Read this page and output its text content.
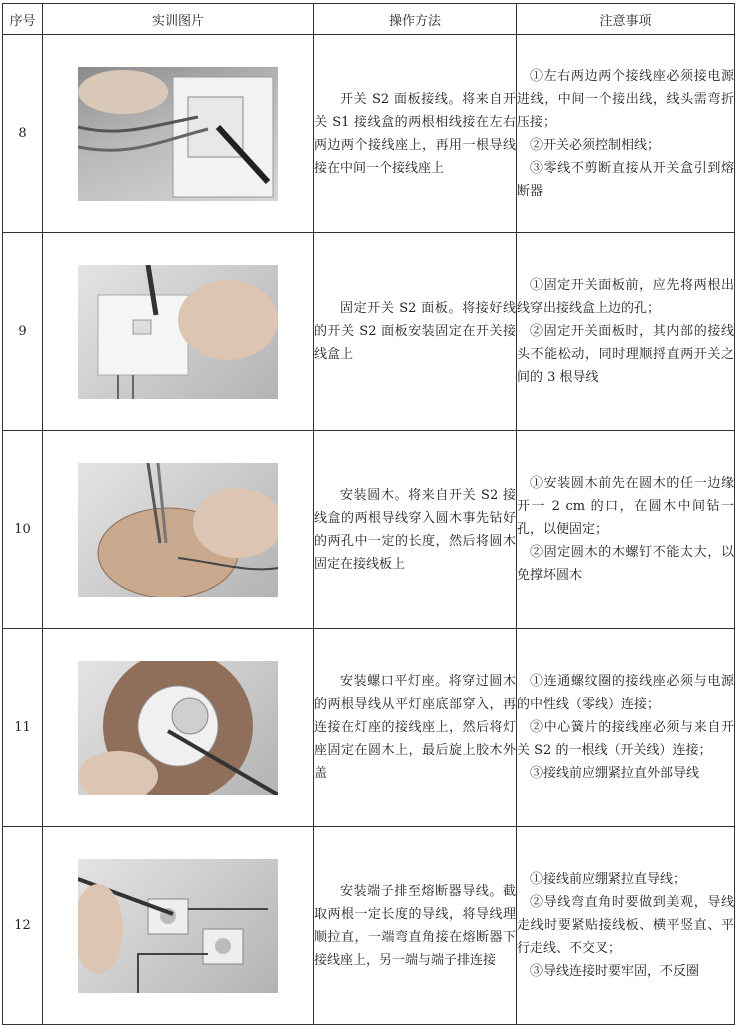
序号	实训图片	操作方法	注意事项
8		开关 S2 面板接线。将来自开关 S1 接线盒的两根相线接在左右两边两个接线座上，再用一根导线接在中间一个接线座上	①左右两边两个接线座必须接电源进线，中间一个接出线，线头需弯折压接；

②开关必须控制相线；

③零线不剪断直接从开关盒引到熔断器

9		固定开关 S2 面板。将接好线的开关 S2 面板安装固定在开关接线盒上	①固定开关面板前，应先将两根出线穿出接线盒上边的孔；

②固定开关面板时，其内部的接线头不能松动，同时理顺捋直两开关之间的 3 根导线

10		安装圆木。将来自开关 S2 接线盒的两根导线穿入圆木事先钻好的两孔中一定的长度，然后将圆木固定在接线板上	①安装圆木前先在圆木的任一边缘开一 2 cm 的口，在圆木中间钻一孔，以便固定；

②固定圆木的木螺钉不能太大，以免撑坏圆木

11		安装螺口平灯座。将穿过圆木的两根导线从平灯座底部穿入，再连接在灯座的接线座上，然后将灯座固定在圆木上，最后旋上胶木外盖	①连通螺纹圈的接线座必须与电源的中性线（零线）连接；

②中心簧片的接线座必须与来自开关 S2 的一根线（开关线）连接；

③接线前应绷紧拉直外部导线

12		安装端子排至熔断器导线。截取两根一定长度的导线，将导线理顺拉直，一端弯直角接在熔断器下接线座上，另一端与端子排连接	①接线前应绷紧拉直导线；

②导线弯直角时要做到美观，导线走线时要紧贴接线板、横平竖直、平行走线、不交叉；

③导线连接时要牢固，不反圈
